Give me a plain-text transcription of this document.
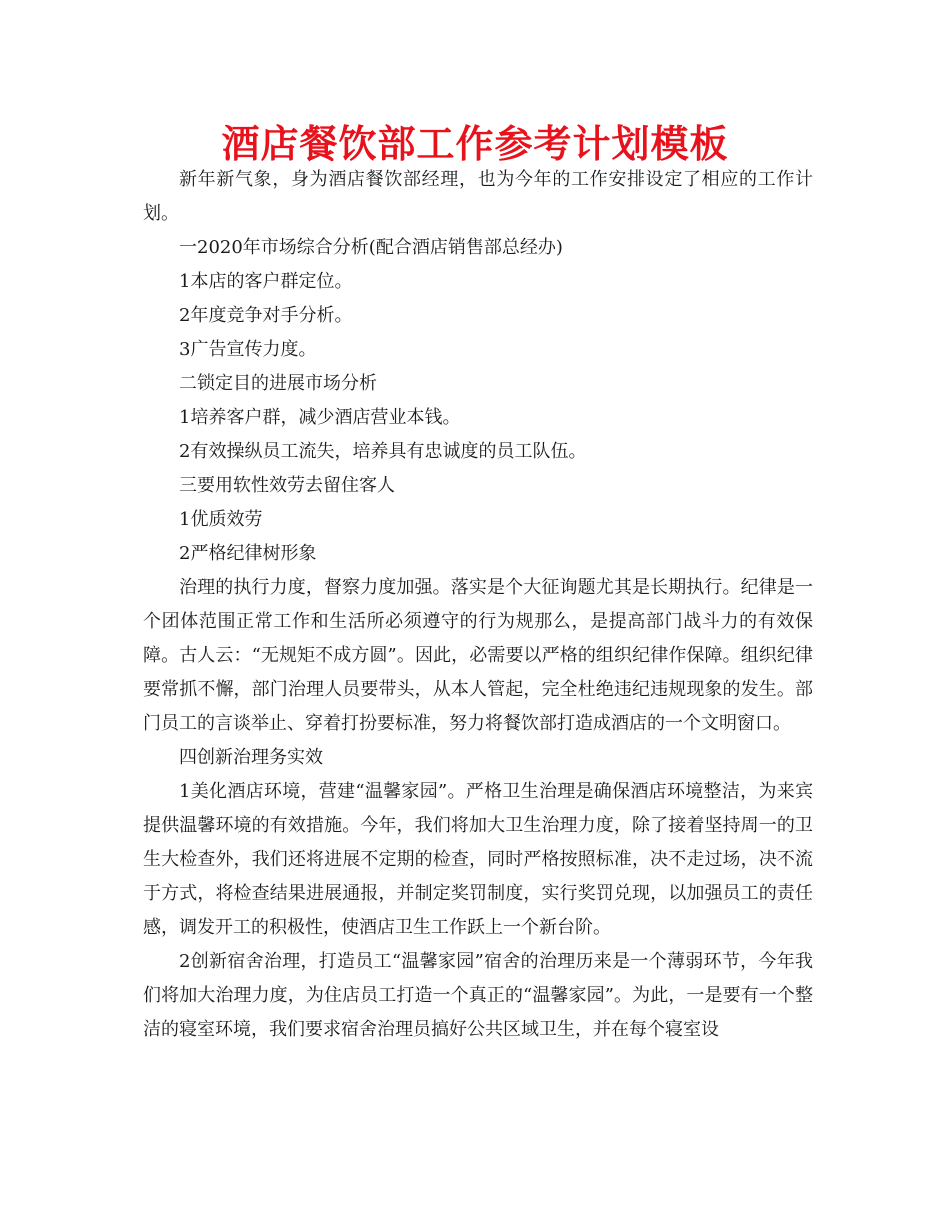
酒店餐饮部工作参考计划模板

新年新气象，身为酒店餐饮部经理，也为今年的工作安排设定了相应的工作计划。

一2020年市场综合分析(配合酒店销售部总经办)

1本店的客户群定位。

2年度竞争对手分析。

3广告宣传力度。

二锁定目的进展市场分析

1培养客户群，减少酒店营业本钱。

2有效操纵员工流失，培养具有忠诚度的员工队伍。

三要用软性效劳去留住客人

1优质效劳

2严格纪律树形象

治理的执行力度，督察力度加强。落实是个大征询题尤其是长期执行。纪律是一个团体范围正常工作和生活所必须遵守的行为规那么，是提高部门战斗力的有效保障。古人云：“无规矩不成方圆”。因此，必需要以严格的组织纪律作保障。组织纪律要常抓不懈，部门治理人员要带头，从本人管起，完全杜绝违纪违规现象的发生。部门员工的言谈举止、穿着打扮要标准，努力将餐饮部打造成酒店的一个文明窗口。

四创新治理务实效

1美化酒店环境，营建“温馨家园”。严格卫生治理是确保酒店环境整洁，为来宾提供温馨环境的有效措施。今年，我们将加大卫生治理力度，除了接着坚持周一的卫生大检查外，我们还将进展不定期的检查，同时严格按照标准，决不走过场，决不流于方式，将检查结果进展通报，并制定奖罚制度，实行奖罚兑现，以加强员工的责任感，调发开工的积极性，使酒店卫生工作跃上一个新台阶。

2创新宿舍治理，打造员工“温馨家园”宿舍的治理历来是一个薄弱环节，今年我们将加大治理力度，为住店员工打造一个真正的“温馨家园”。为此，一是要有一个整洁的寝室环境，我们要求宿舍治理员搞好公共区域卫生，并在每个寝室设
